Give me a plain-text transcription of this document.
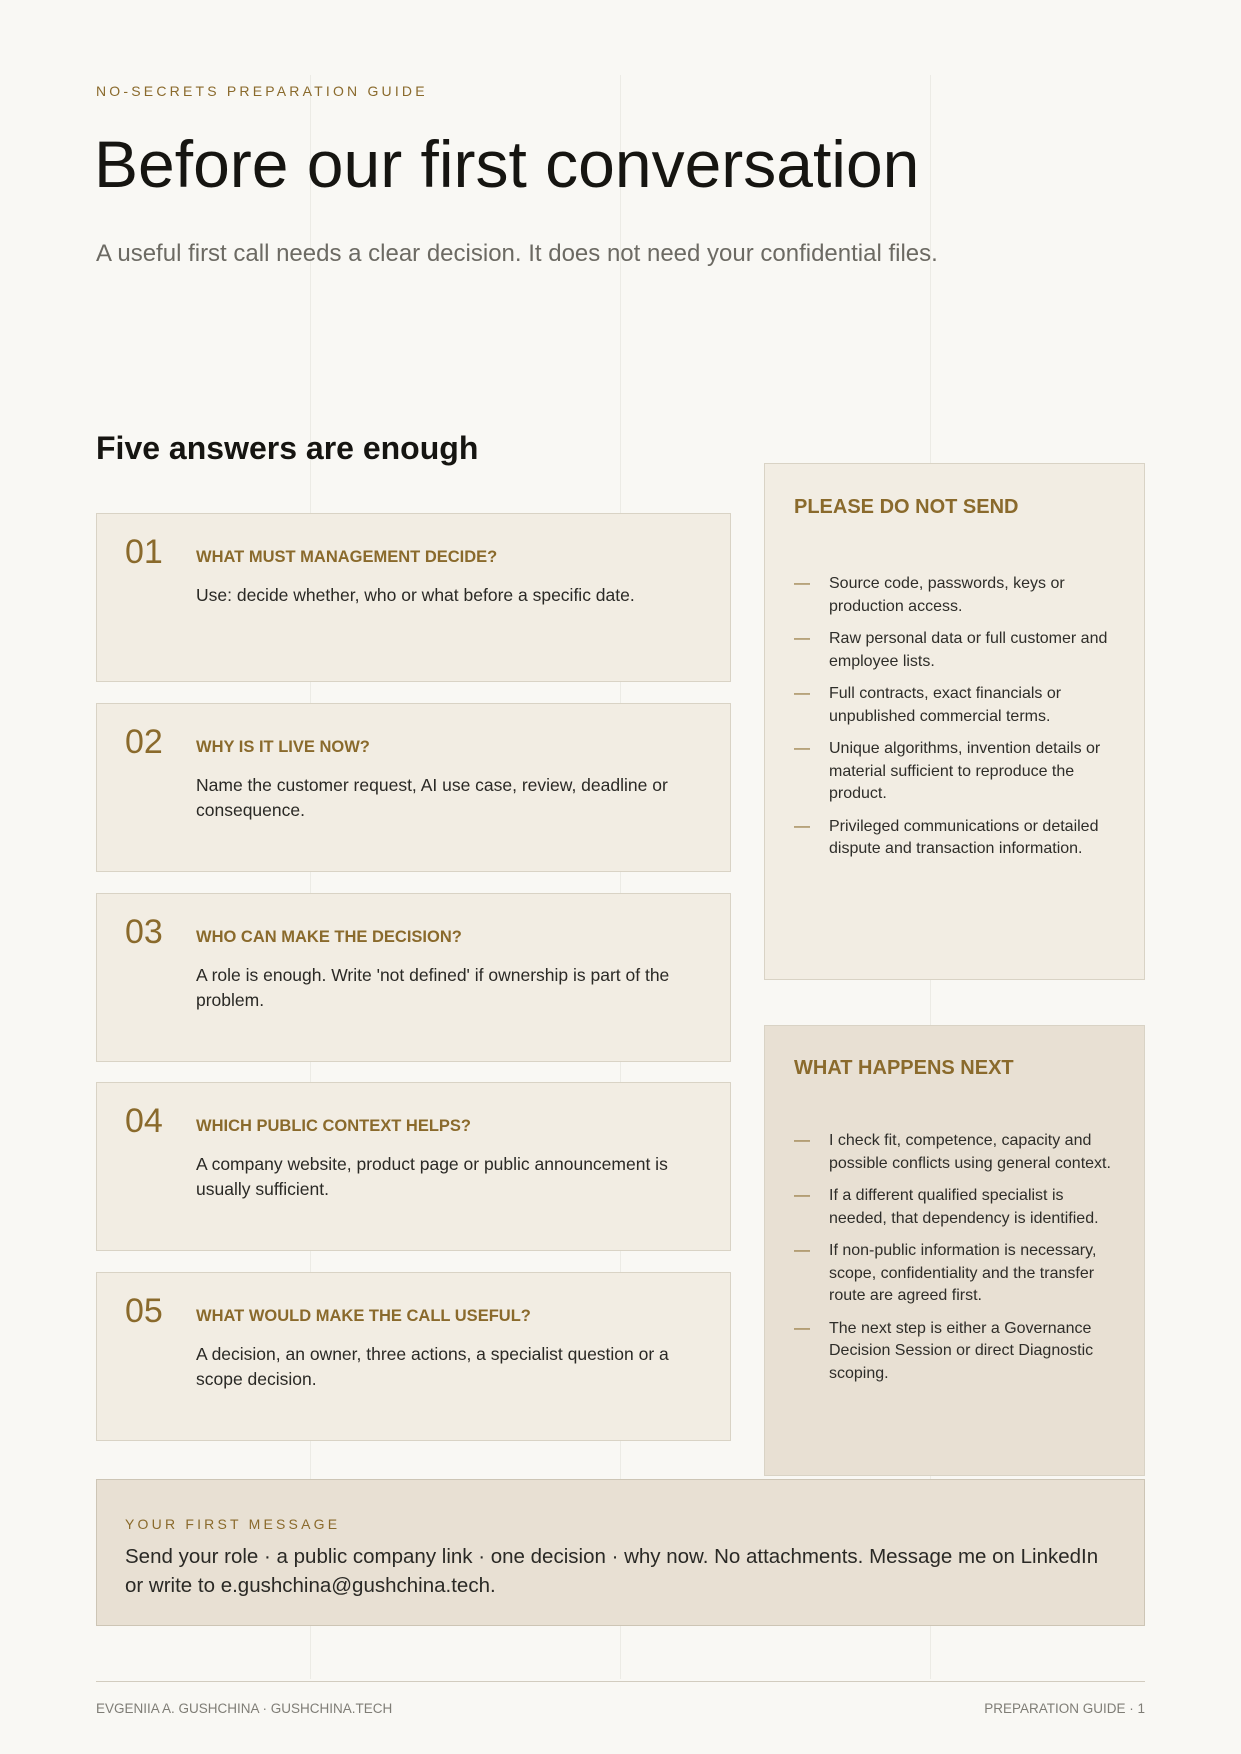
NO-SECRETS PREPARATION GUIDE
Before our first conversation

A useful first call needs a clear decision. It does not need your confidential files.

Five answers are enough
01 WHAT MUST MANAGEMENT DECIDE?
Use: decide whether, who or what before a specific date.
02 WHY IS IT LIVE NOW?
Name the customer request, AI use case, review, deadline or consequence.
03 WHO CAN MAKE THE DECISION?
A role is enough. Write 'not defined' if ownership is part of the problem.
04 WHICH PUBLIC CONTEXT HELPS?
A company website, product page or public announcement is usually sufficient.
05 WHAT WOULD MAKE THE CALL USEFUL?
A decision, an owner, three actions, a specialist question or a scope decision.
PLEASE DO NOT SEND
— Source code, passwords, keys or production access.
— Raw personal data or full customer and employee lists.
— Full contracts, exact financials or unpublished commercial terms.
— Unique algorithms, invention details or material sufficient to reproduce the product.
— Privileged communications or detailed dispute and transaction information.
WHAT HAPPENS NEXT
— I check fit, competence, capacity and possible conflicts using general context.
— If a different qualified specialist is needed, that dependency is identified.
— If non-public information is necessary, scope, confidentiality and the transfer route are agreed first.
— The next step is either a Governance Decision Session or direct Diagnostic scoping.
YOUR FIRST MESSAGE
Send your role · a public company link · one decision · why now. No attachments. Message me on LinkedIn or write to e.gushchina@gushchina.tech.
EVGENIIA A. GUSHCHINA · GUSHCHINA.TECH	PREPARATION GUIDE · 1
